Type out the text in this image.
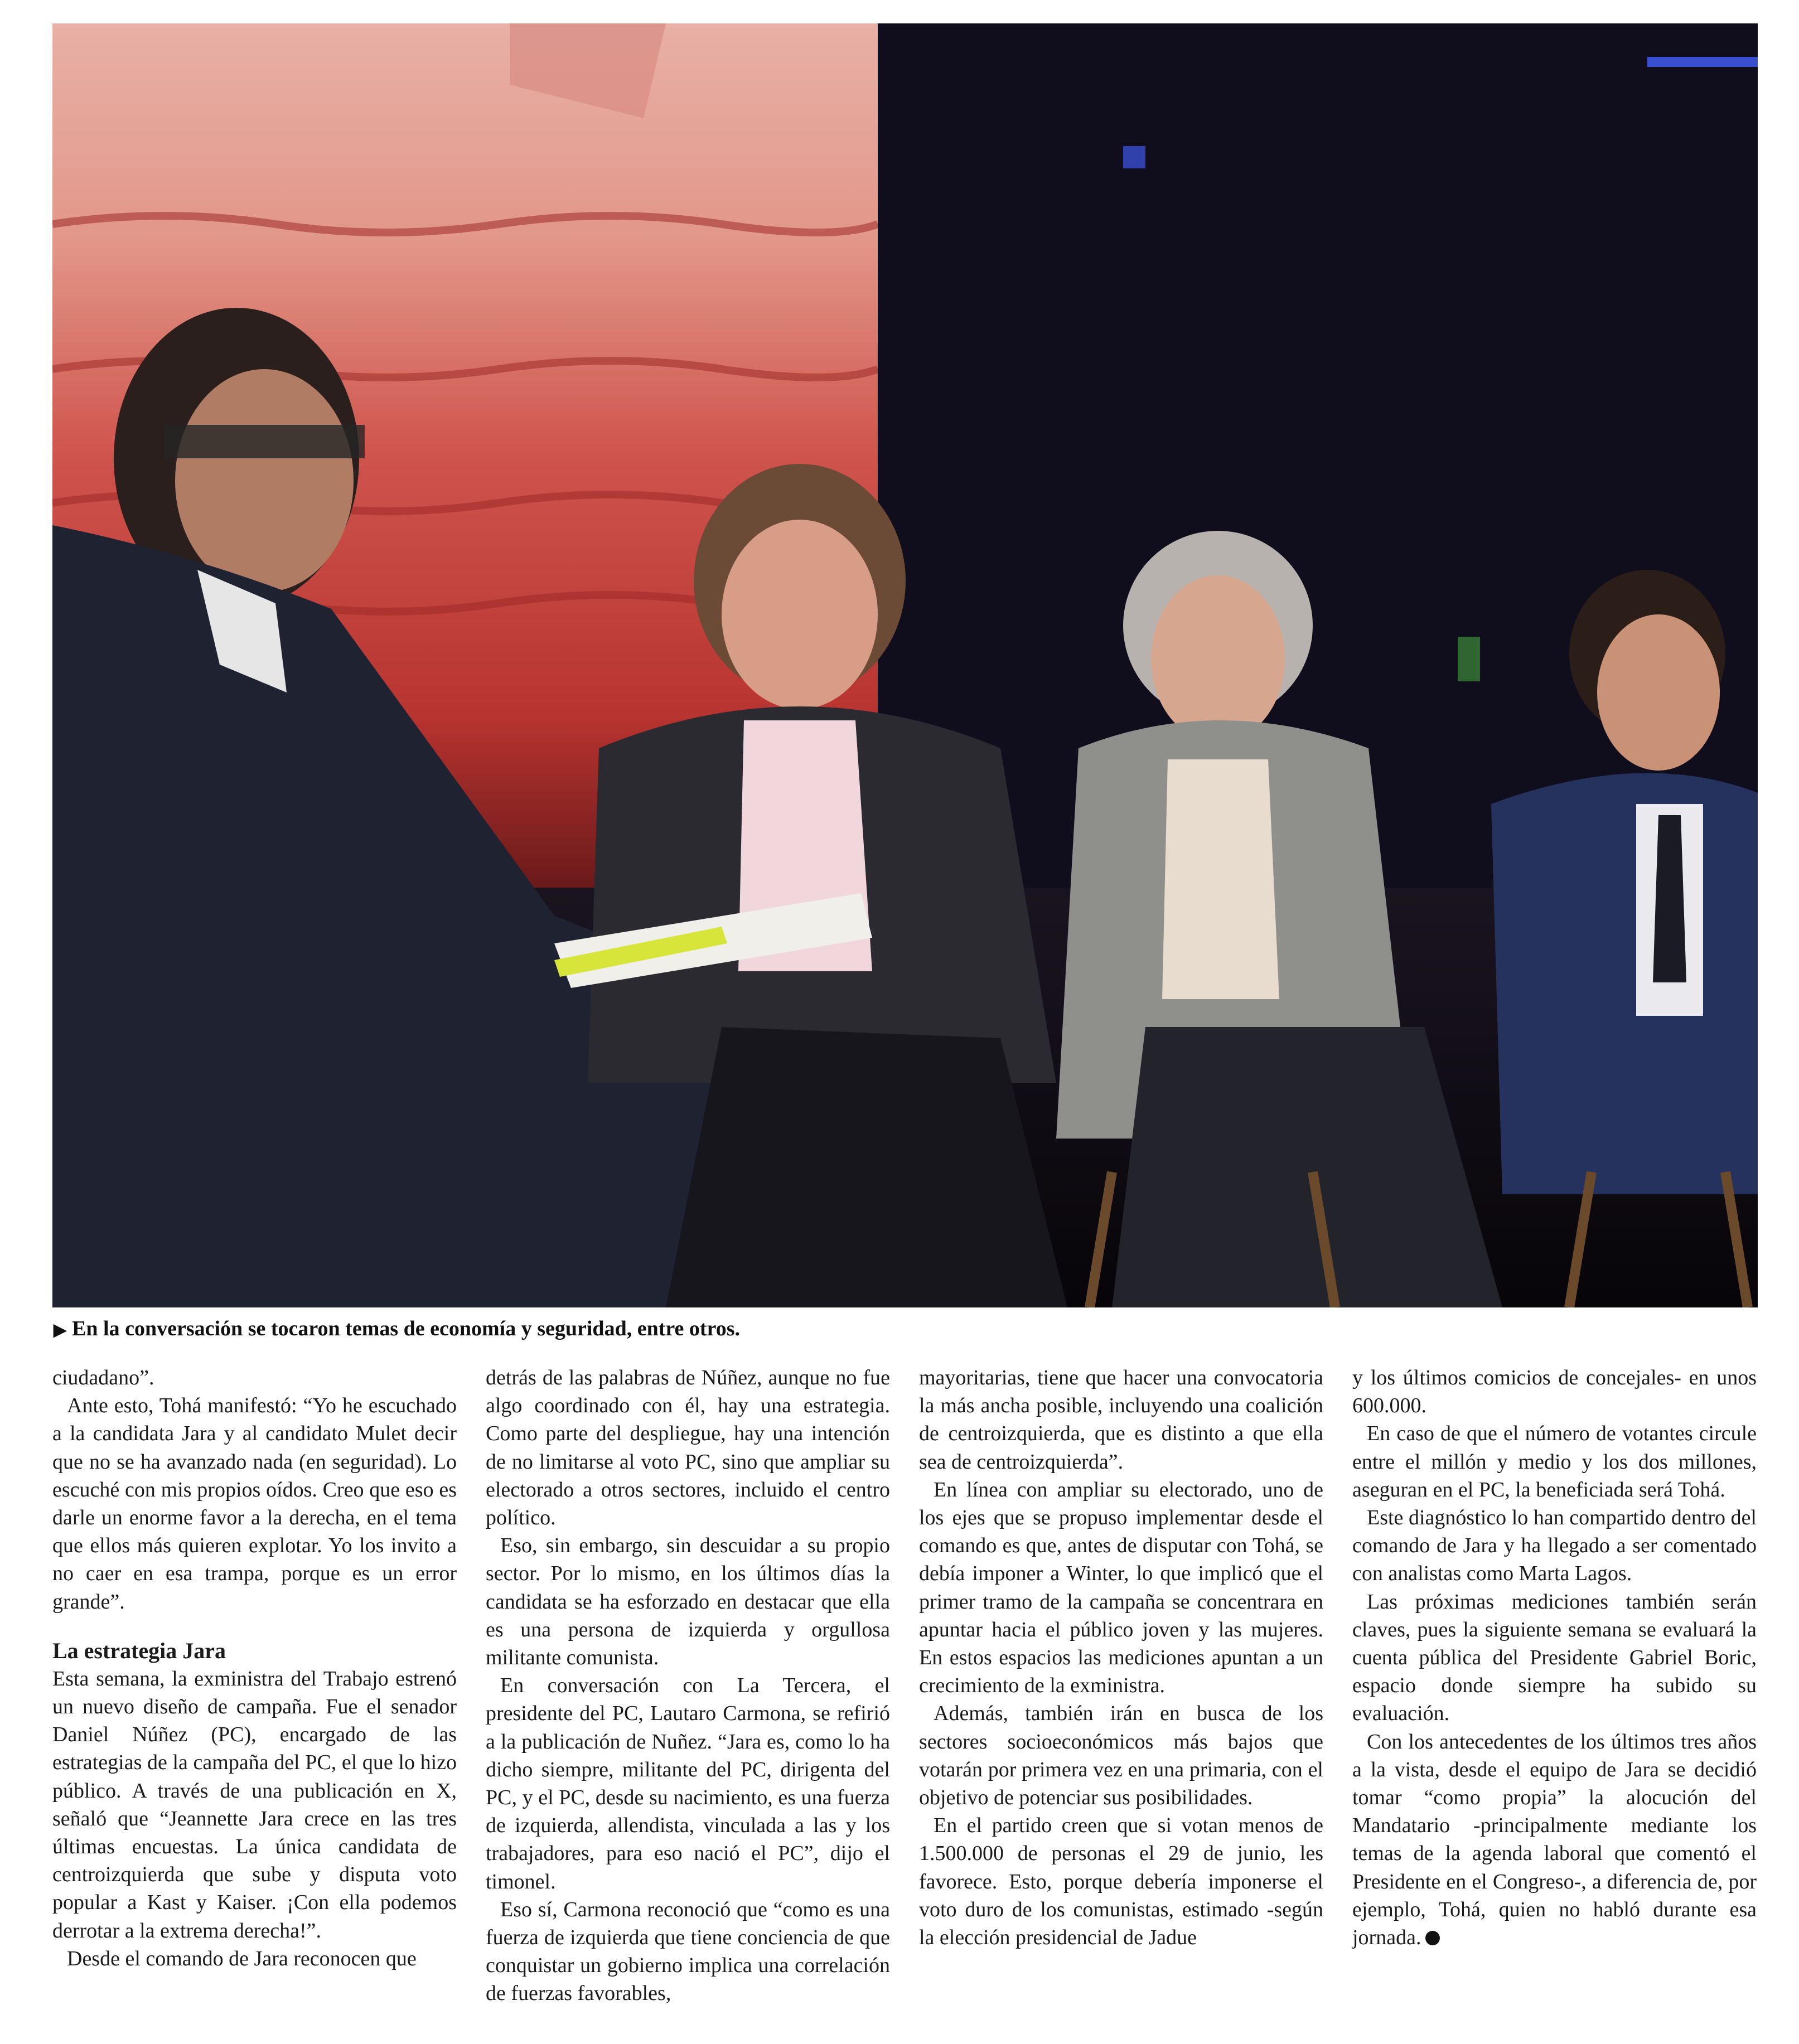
▶ En la conversación se tocaron temas de economía y seguridad, entre otros.

ciudadano”.

Ante esto, Tohá manifestó: “Yo he escuchado a la candidata Jara y al candidato Mulet decir que no se ha avanzado nada (en seguridad). Lo escuché con mis propios oídos. Creo que eso es darle un enorme favor a la derecha, en el tema que ellos más quieren explotar. Yo los invito a no caer en esa trampa, porque es un error grande”.

La estrategia Jara

Esta semana, la exministra del Trabajo estrenó un nuevo diseño de campaña. Fue el senador Daniel Núñez (PC), encargado de las estrategias de la campaña del PC, el que lo hizo público. A través de una publicación en X, señaló que “Jeannette Jara crece en las tres últimas encuestas. La única candidata de centroizquierda que sube y disputa voto popular a Kast y Kaiser. ¡Con ella podemos derrotar a la extrema derecha!”.

Desde el comando de Jara reconocen que

detrás de las palabras de Núñez, aunque no fue algo coordinado con él, hay una estrategia. Como parte del despliegue, hay una intención de no limitarse al voto PC, sino que ampliar su electorado a otros sectores, incluido el centro político.

Eso, sin embargo, sin descuidar a su propio sector. Por lo mismo, en los últimos días la candidata se ha esforzado en destacar que ella es una persona de izquierda y orgullosa militante comunista.

En conversación con La Tercera, el presidente del PC, Lautaro Carmona, se refirió a la publicación de Nuñez. “Jara es, como lo ha dicho siempre, militante del PC, dirigenta del PC, y el PC, desde su nacimiento, es una fuerza de izquierda, allendista, vinculada a las y los trabajadores, para eso nació el PC”, dijo el timonel.

Eso sí, Carmona reconoció que “como es una fuerza de izquierda que tiene conciencia de que conquistar un gobierno implica una correlación de fuerzas favorables,

mayoritarias, tiene que hacer una convocatoria la más ancha posible, incluyendo una coalición de centroizquierda, que es distinto a que ella sea de centroizquierda”.

En línea con ampliar su electorado, uno de los ejes que se propuso implementar desde el comando es que, antes de disputar con Tohá, se debía imponer a Winter, lo que implicó que el primer tramo de la campaña se concentrara en apuntar hacia el público joven y las mujeres. En estos espacios las mediciones apuntan a un crecimiento de la exministra.

Además, también irán en busca de los sectores socioeconómicos más bajos que votarán por primera vez en una primaria, con el objetivo de potenciar sus posibilidades.

En el partido creen que si votan menos de 1.500.000 de personas el 29 de junio, les favorece. Esto, porque debería imponerse el voto duro de los comunistas, estimado -según la elección presidencial de Jadue

y los últimos comicios de concejales- en unos 600.000.

En caso de que el número de votantes circule entre el millón y medio y los dos millones, aseguran en el PC, la beneficiada será Tohá.

Este diagnóstico lo han compartido dentro del comando de Jara y ha llegado a ser comentado con analistas como Marta Lagos.

Las próximas mediciones también serán claves, pues la siguiente semana se evaluará la cuenta pública del Presidente Gabriel Boric, espacio donde siempre ha subido su evaluación.

Con los antecedentes de los últimos tres años a la vista, desde el equipo de Jara se decidió tomar “como propia” la alocución del Mandatario -principalmente mediante los temas de la agenda laboral que comentó el Presidente en el Congreso-, a diferencia de, por ejemplo, Tohá, quien no habló durante esa jornada.
